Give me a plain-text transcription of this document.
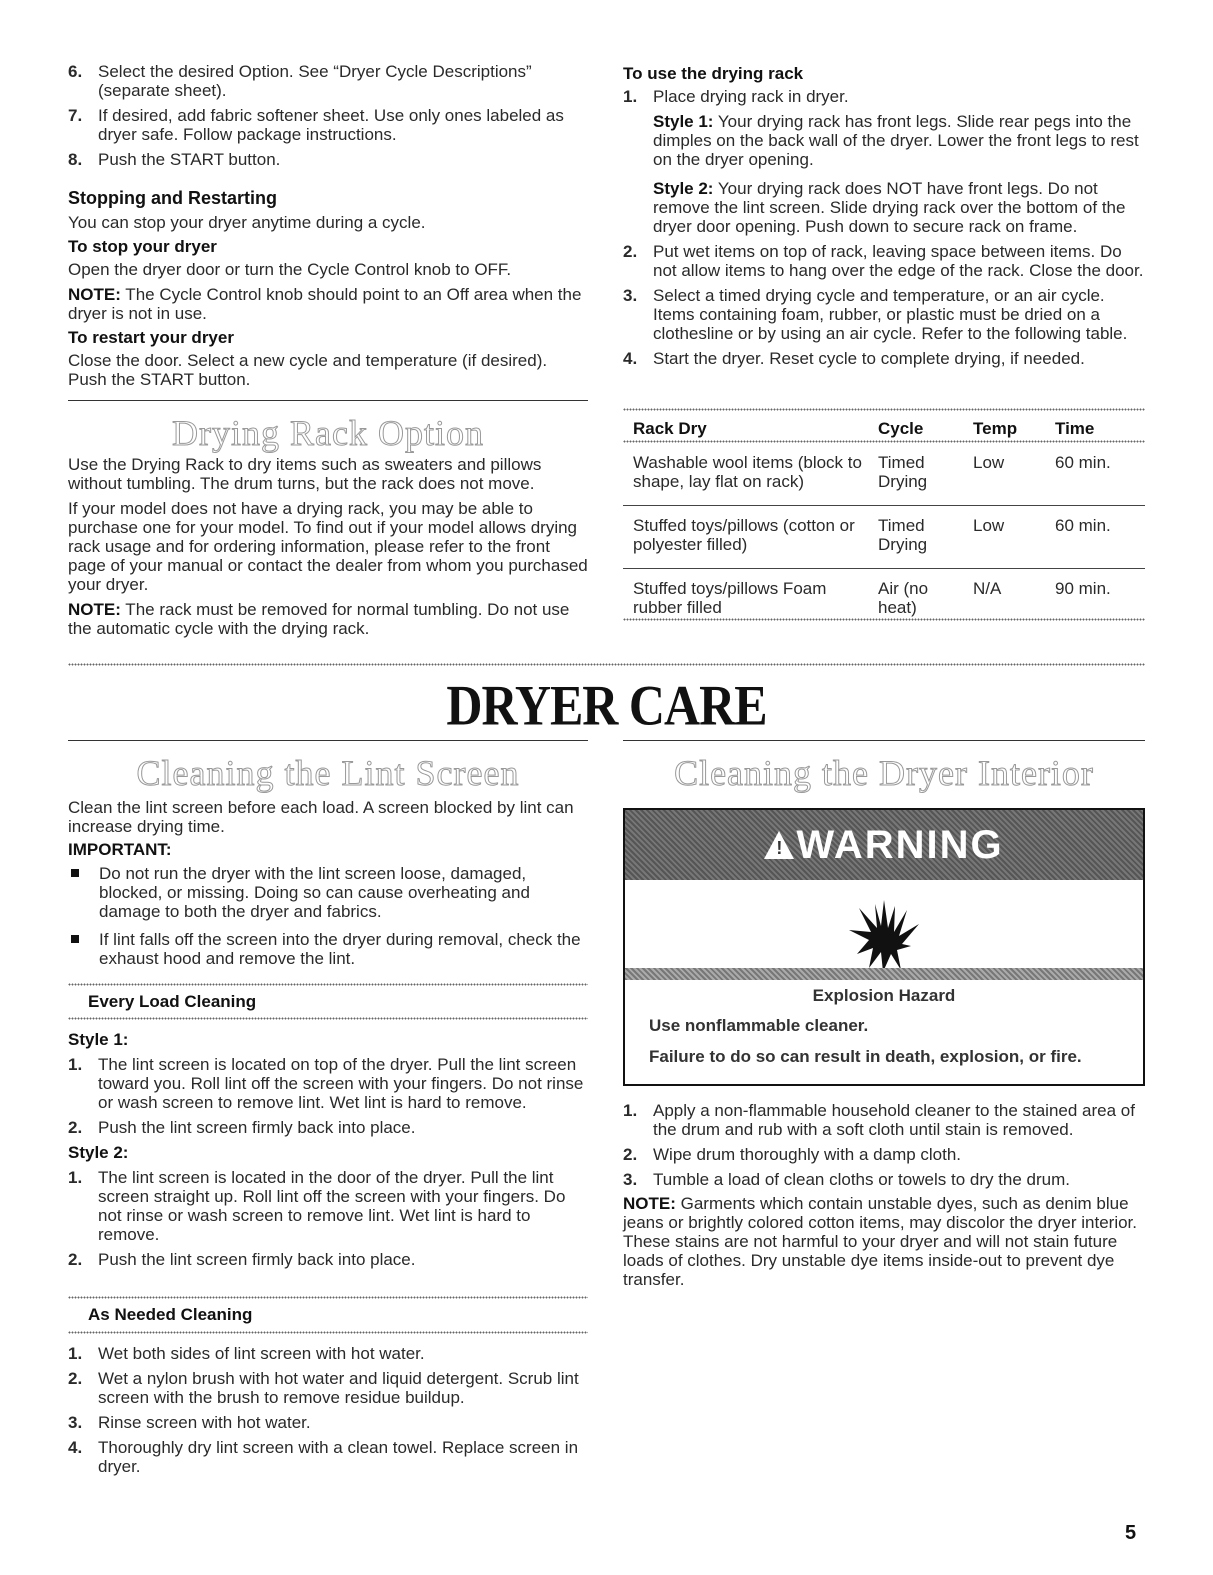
6. Select the desired Option. See “Dryer Cycle Descriptions” (separate sheet).
7. If desired, add fabric softener sheet. Use only ones labeled as dryer safe. Follow package instructions.
8. Push the START button.
Stopping and Restarting

You can stop your dryer anytime during a cycle.

To stop your dryer

Open the dryer door or turn the Cycle Control knob to OFF.

NOTE: The Cycle Control knob should point to an Off area when the dryer is not in use.

To restart your dryer

Close the door. Select a new cycle and temperature (if desired). Push the START button.

Drying Rack Option

Use the Drying Rack to dry items such as sweaters and pillows without tumbling. The drum turns, but the rack does not move.

If your model does not have a drying rack, you may be able to purchase one for your model. To find out if your model allows drying rack usage and for ordering information, please refer to the front page of your manual or contact the dealer from whom you purchased your dryer.

NOTE: The rack must be removed for normal tumbling. Do not use the automatic cycle with the drying rack.

To use the drying rack
1. Place drying rack in dryer.

Style 1: Your drying rack has front legs. Slide rear pegs into the dimples on the back wall of the dryer. Lower the front legs to rest on the dryer opening.

Style 2: Your drying rack does NOT have front legs. Do not remove the lint screen. Slide drying rack over the bottom of the dryer door opening. Push down to secure rack on frame.

2. Put wet items on top of rack, leaving space between items. Do not allow items to hang over the edge of the rack. Close the door.
3. Select a timed drying cycle and temperature, or an air cycle. Items containing foam, rubber, or plastic must be dried on a clothesline or by using an air cycle. Refer to the following table.
4. Start the dryer. Reset cycle to complete drying, if needed.
Rack Dry	Cycle	Temp	Time

Washable wool items (block to shape, lay flat on rack)	Timed Drying	Low	60 min.
Stuffed toys/pillows (cotton or polyester filled)	Timed Drying	Low	60 min.
Stuffed toys/pillows Foam rubber filled	Air (no heat)	N/A	90 min.
DRYER CARE
Cleaning the Lint Screen

Clean the lint screen before each load. A screen blocked by lint can increase drying time.

IMPORTANT:

Do not run the dryer with the lint screen loose, damaged, blocked, or missing. Doing so can cause overheating and damage to both the dryer and fabrics.
If lint falls off the screen into the dryer during removal, check the exhaust hood and remove the lint.
Every Load Cleaning
Style 1:
1. The lint screen is located on top of the dryer. Pull the lint screen toward you. Roll lint off the screen with your fingers. Do not rinse or wash screen to remove lint. Wet lint is hard to remove.
2. Push the lint screen firmly back into place.
Style 2:
1. The lint screen is located in the door of the dryer. Pull the lint screen straight up. Roll lint off the screen with your fingers. Do not rinse or wash screen to remove lint. Wet lint is hard to remove.
2. Push the lint screen firmly back into place.
As Needed Cleaning
1. Wet both sides of lint screen with hot water.
2. Wet a nylon brush with hot water and liquid detergent. Scrub lint screen with the brush to remove residue buildup.
3. Rinse screen with hot water.
4. Thoroughly dry lint screen with a clean towel. Replace screen in dryer.
Cleaning the Dryer Interior
! WARNING
Explosion Hazard
Use nonflammable cleaner.
Failure to do so can result in death, explosion, or fire.
1. Apply a non-flammable household cleaner to the stained area of the drum and rub with a soft cloth until stain is removed.
2. Wipe drum thoroughly with a damp cloth.
3. Tumble a load of clean cloths or towels to dry the drum.

NOTE: Garments which contain unstable dyes, such as denim blue jeans or brightly colored cotton items, may discolor the dryer interior. These stains are not harmful to your dryer and will not stain future loads of clothes. Dry unstable dye items inside-out to prevent dye transfer.

5
